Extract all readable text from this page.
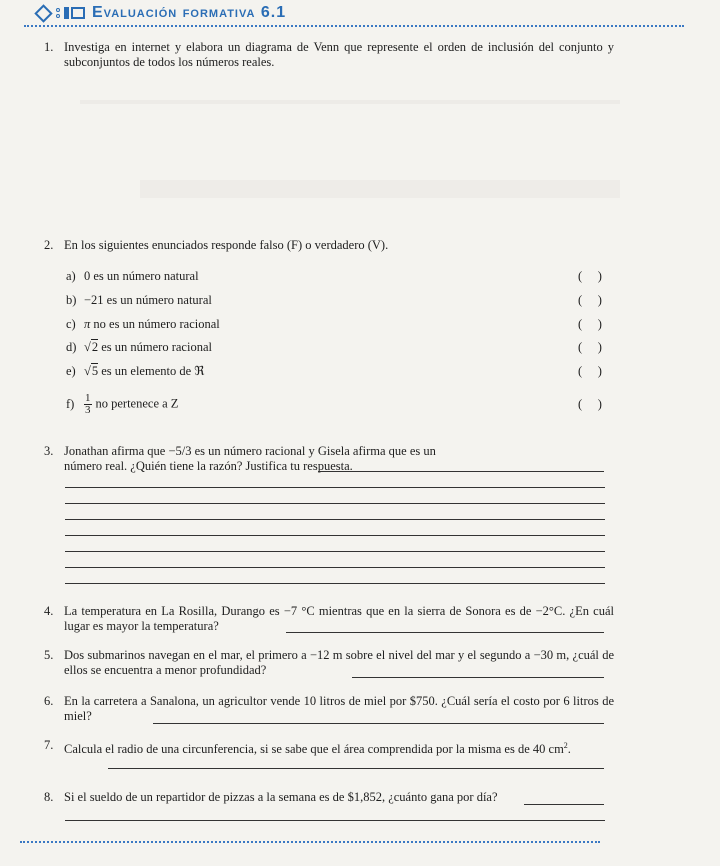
Evaluación formativa 6.1
1. Investiga en internet y elabora un diagrama de Venn que represente el orden de inclusión del conjunto y subconjuntos de todos los números reales.
2. En los siguientes enunciados responde falso (F) o verdadero (V).
a) 0 es un número natural	(     )
b) −21 es un número natural	(     )
c) π no es un número racional	(     )
d) √2 es un número racional	(     )
e) √5 es un elemento de ℜ	(     )
$f) \frac{1}{3}$ no pertenece a Z	(     )
3. Jonathan afirma que −5/3 es un número racional y Gisela afirma que es un número real. ¿Quién tiene la razón? Justifica tu respuesta.
4. La temperatura en La Rosilla, Durango es −7 °C mientras que en la sierra de Sonora es de −2°C. ¿En cuál lugar es mayor la temperatura?
5. Dos submarinos navegan en el mar, el primero a −12 m sobre el nivel del mar y el segundo a −30 m, ¿cuál de ellos se encuentra a menor profundidad?
6. En la carretera a Sanalona, un agricultor vende 10 litros de miel por $750. ¿Cuál sería el costo por 6 litros de miel?
7. Calcula el radio de una circunferencia, si se sabe que el área comprendida por la misma es de 40 $cm^2$.
8. Si el sueldo de un repartidor de pizzas a la semana es de $1,852, ¿cuánto gana por día?
